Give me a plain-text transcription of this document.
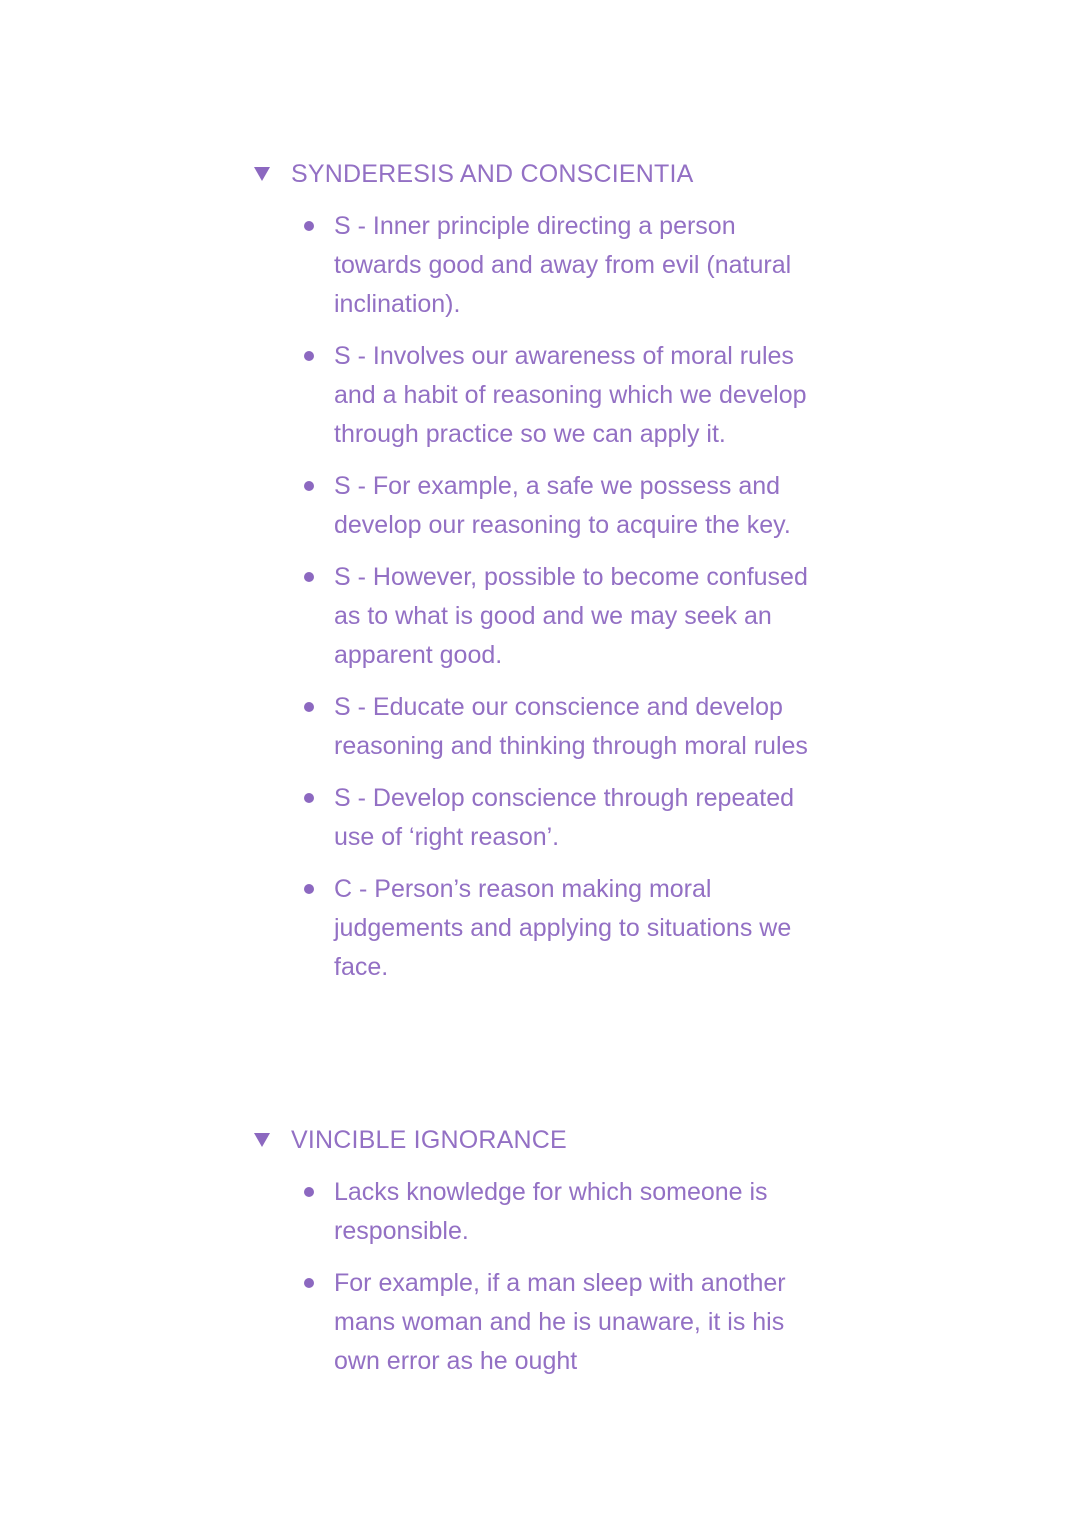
SYNDERESIS AND CONSCIENTIA
S - Inner principle directing a person towards good and away from evil (natural inclination).
S - Involves our awareness of moral rules and a habit of reasoning which we develop through practice so we can apply it.
S - For example, a safe we possess and develop our reasoning to acquire the key.
S - However, possible to become confused as to what is good and we may seek an apparent good.
S - Educate our conscience and develop reasoning and thinking through moral rules
S - Develop conscience through repeated use of ‘right reason’.
C - Person’s reason making moral judgements and applying to situations we face.
VINCIBLE IGNORANCE
Lacks knowledge for which someone is responsible.
For example, if a man sleep with another mans woman and he is unaware, it is his own error as he ought
